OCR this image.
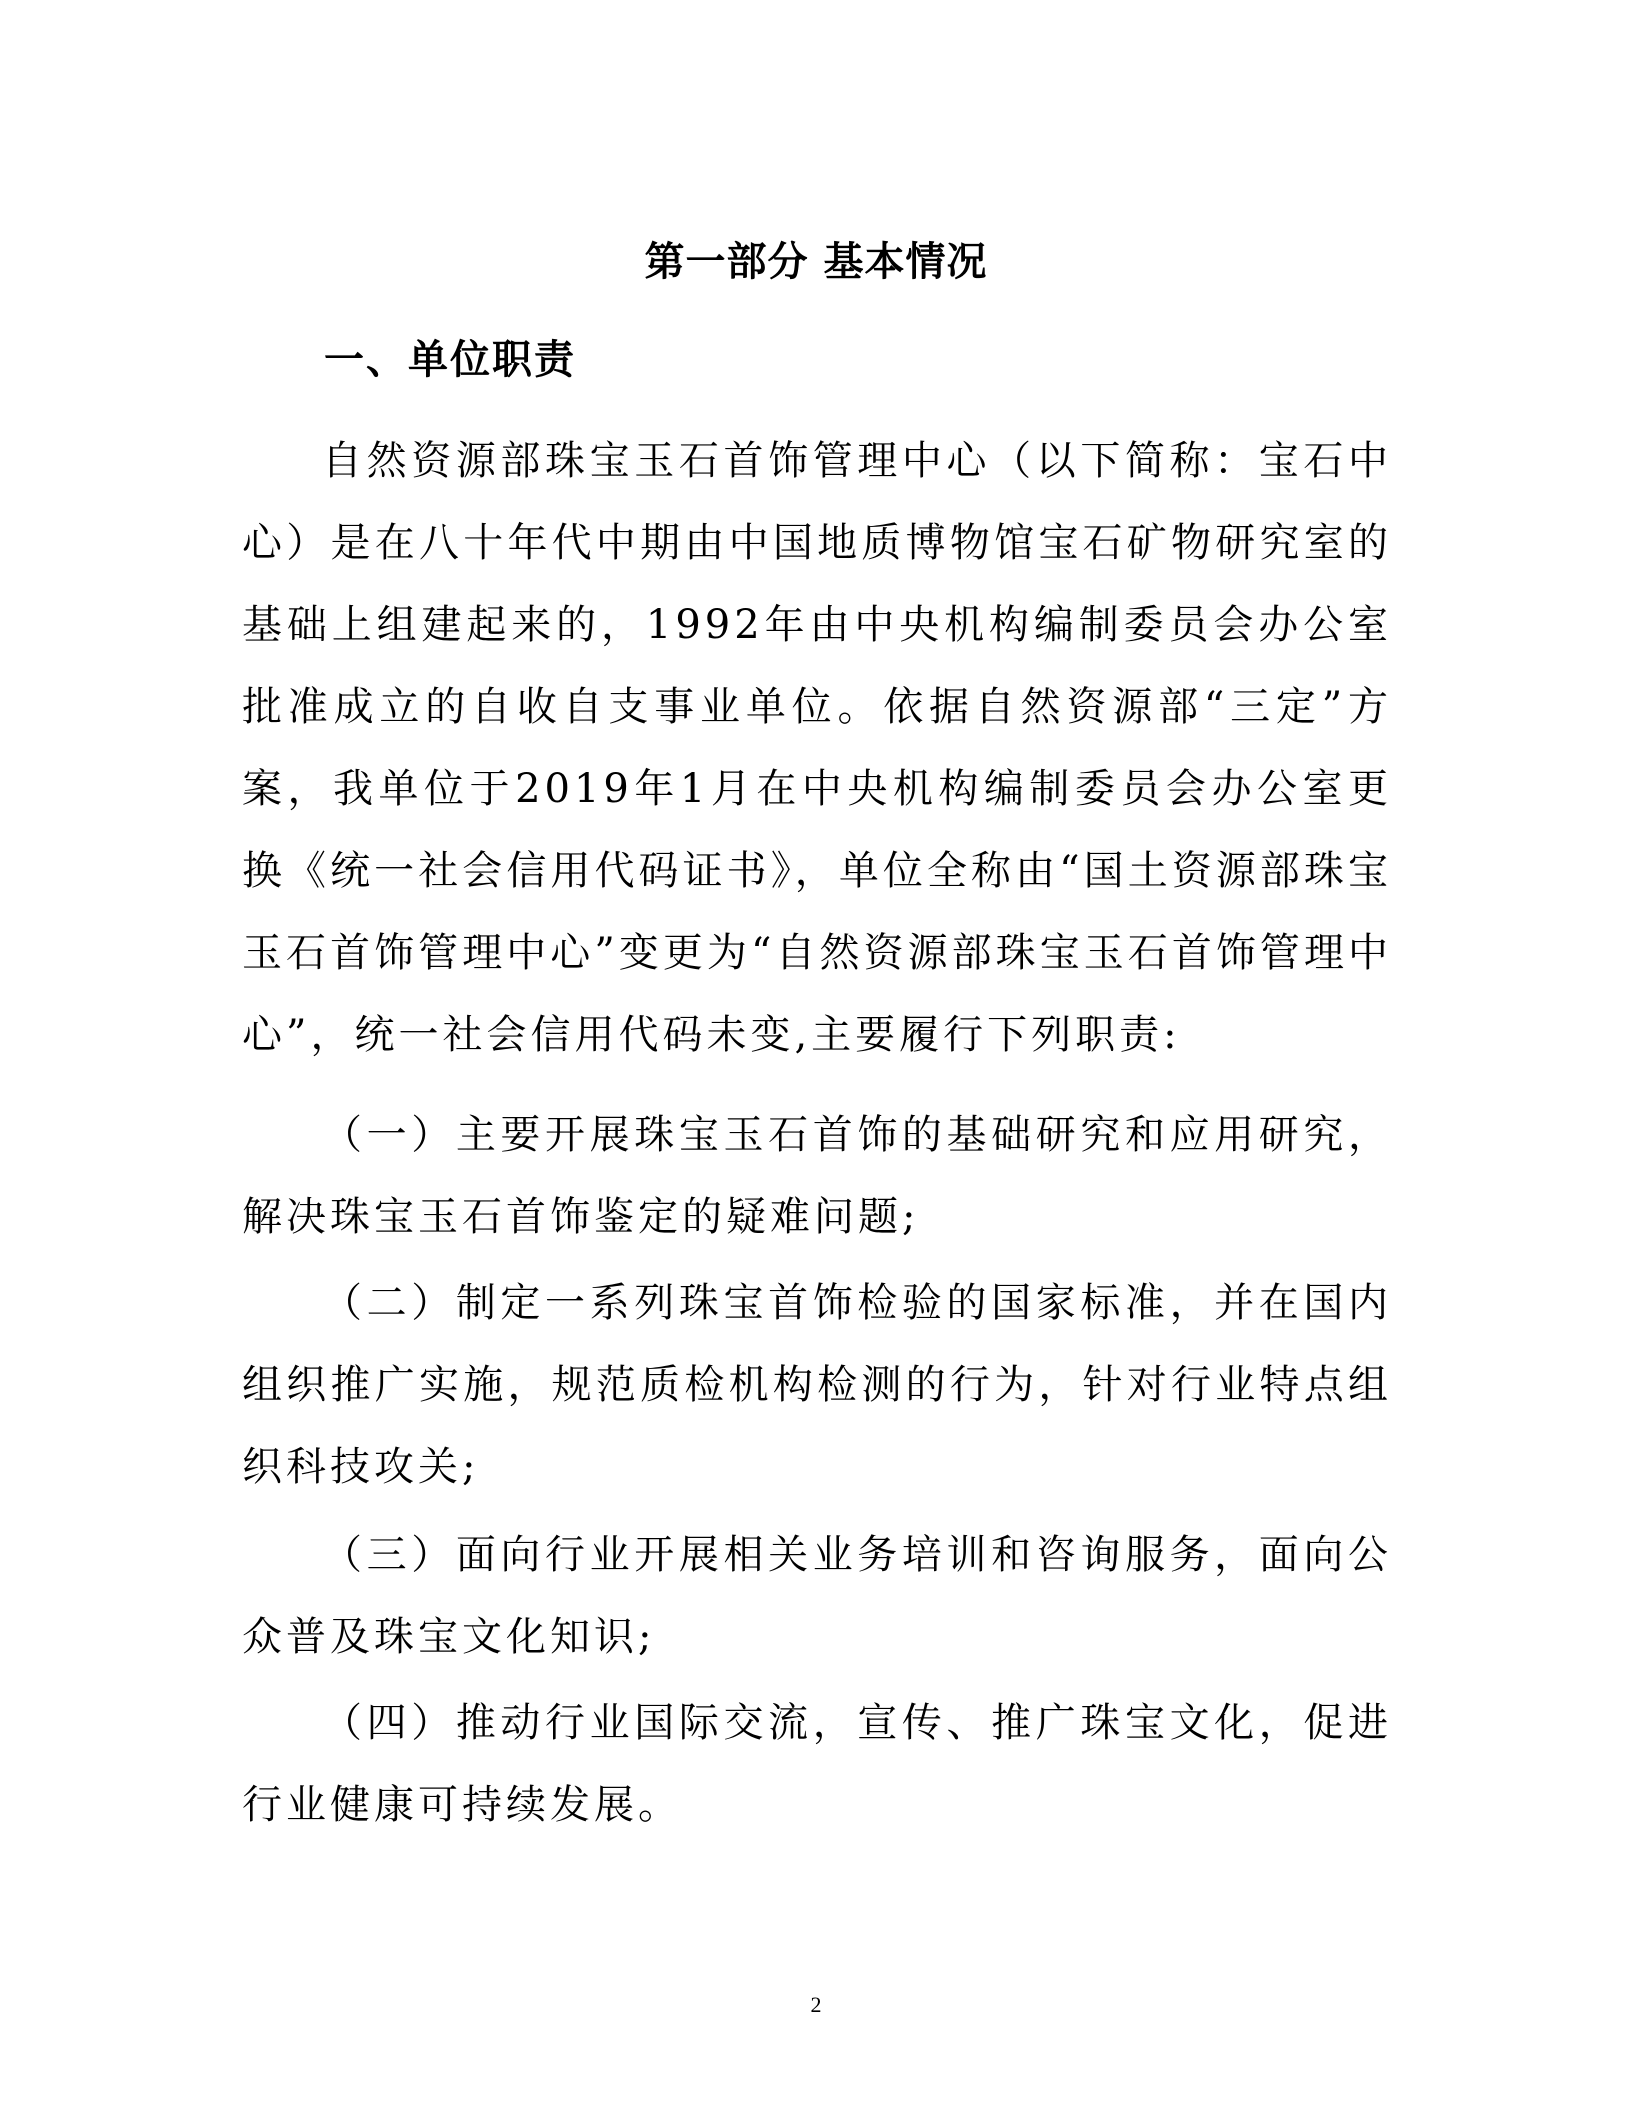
第一部分 基本情况
一、单位职责

自然资源部珠宝玉石首饰管理中心（以下简称：宝石中心）是在八十年代中期由中国地质博物馆宝石矿物研究室的基础上组建起来的，1992年由中央机构编制委员会办公室批准成立的自收自支事业单位。依据自然资源部“三定”方案，我单位于2019年1月在中央机构编制委员会办公室更换《统一社会信用代码证书》，单位全称由“国土资源部珠宝玉石首饰管理中心”变更为“自然资源部珠宝玉石首饰管理中心”，统一社会信用代码未变,主要履行下列职责:

（一）主要开展珠宝玉石首饰的基础研究和应用研究，解决珠宝玉石首饰鉴定的疑难问题;

（二）制定一系列珠宝首饰检验的国家标准，并在国内组织推广实施，规范质检机构检测的行为，针对行业特点组织科技攻关;

（三）面向行业开展相关业务培训和咨询服务，面向公众普及珠宝文化知识;

（四）推动行业国际交流，宣传、推广珠宝文化，促进行业健康可持续发展。

2
